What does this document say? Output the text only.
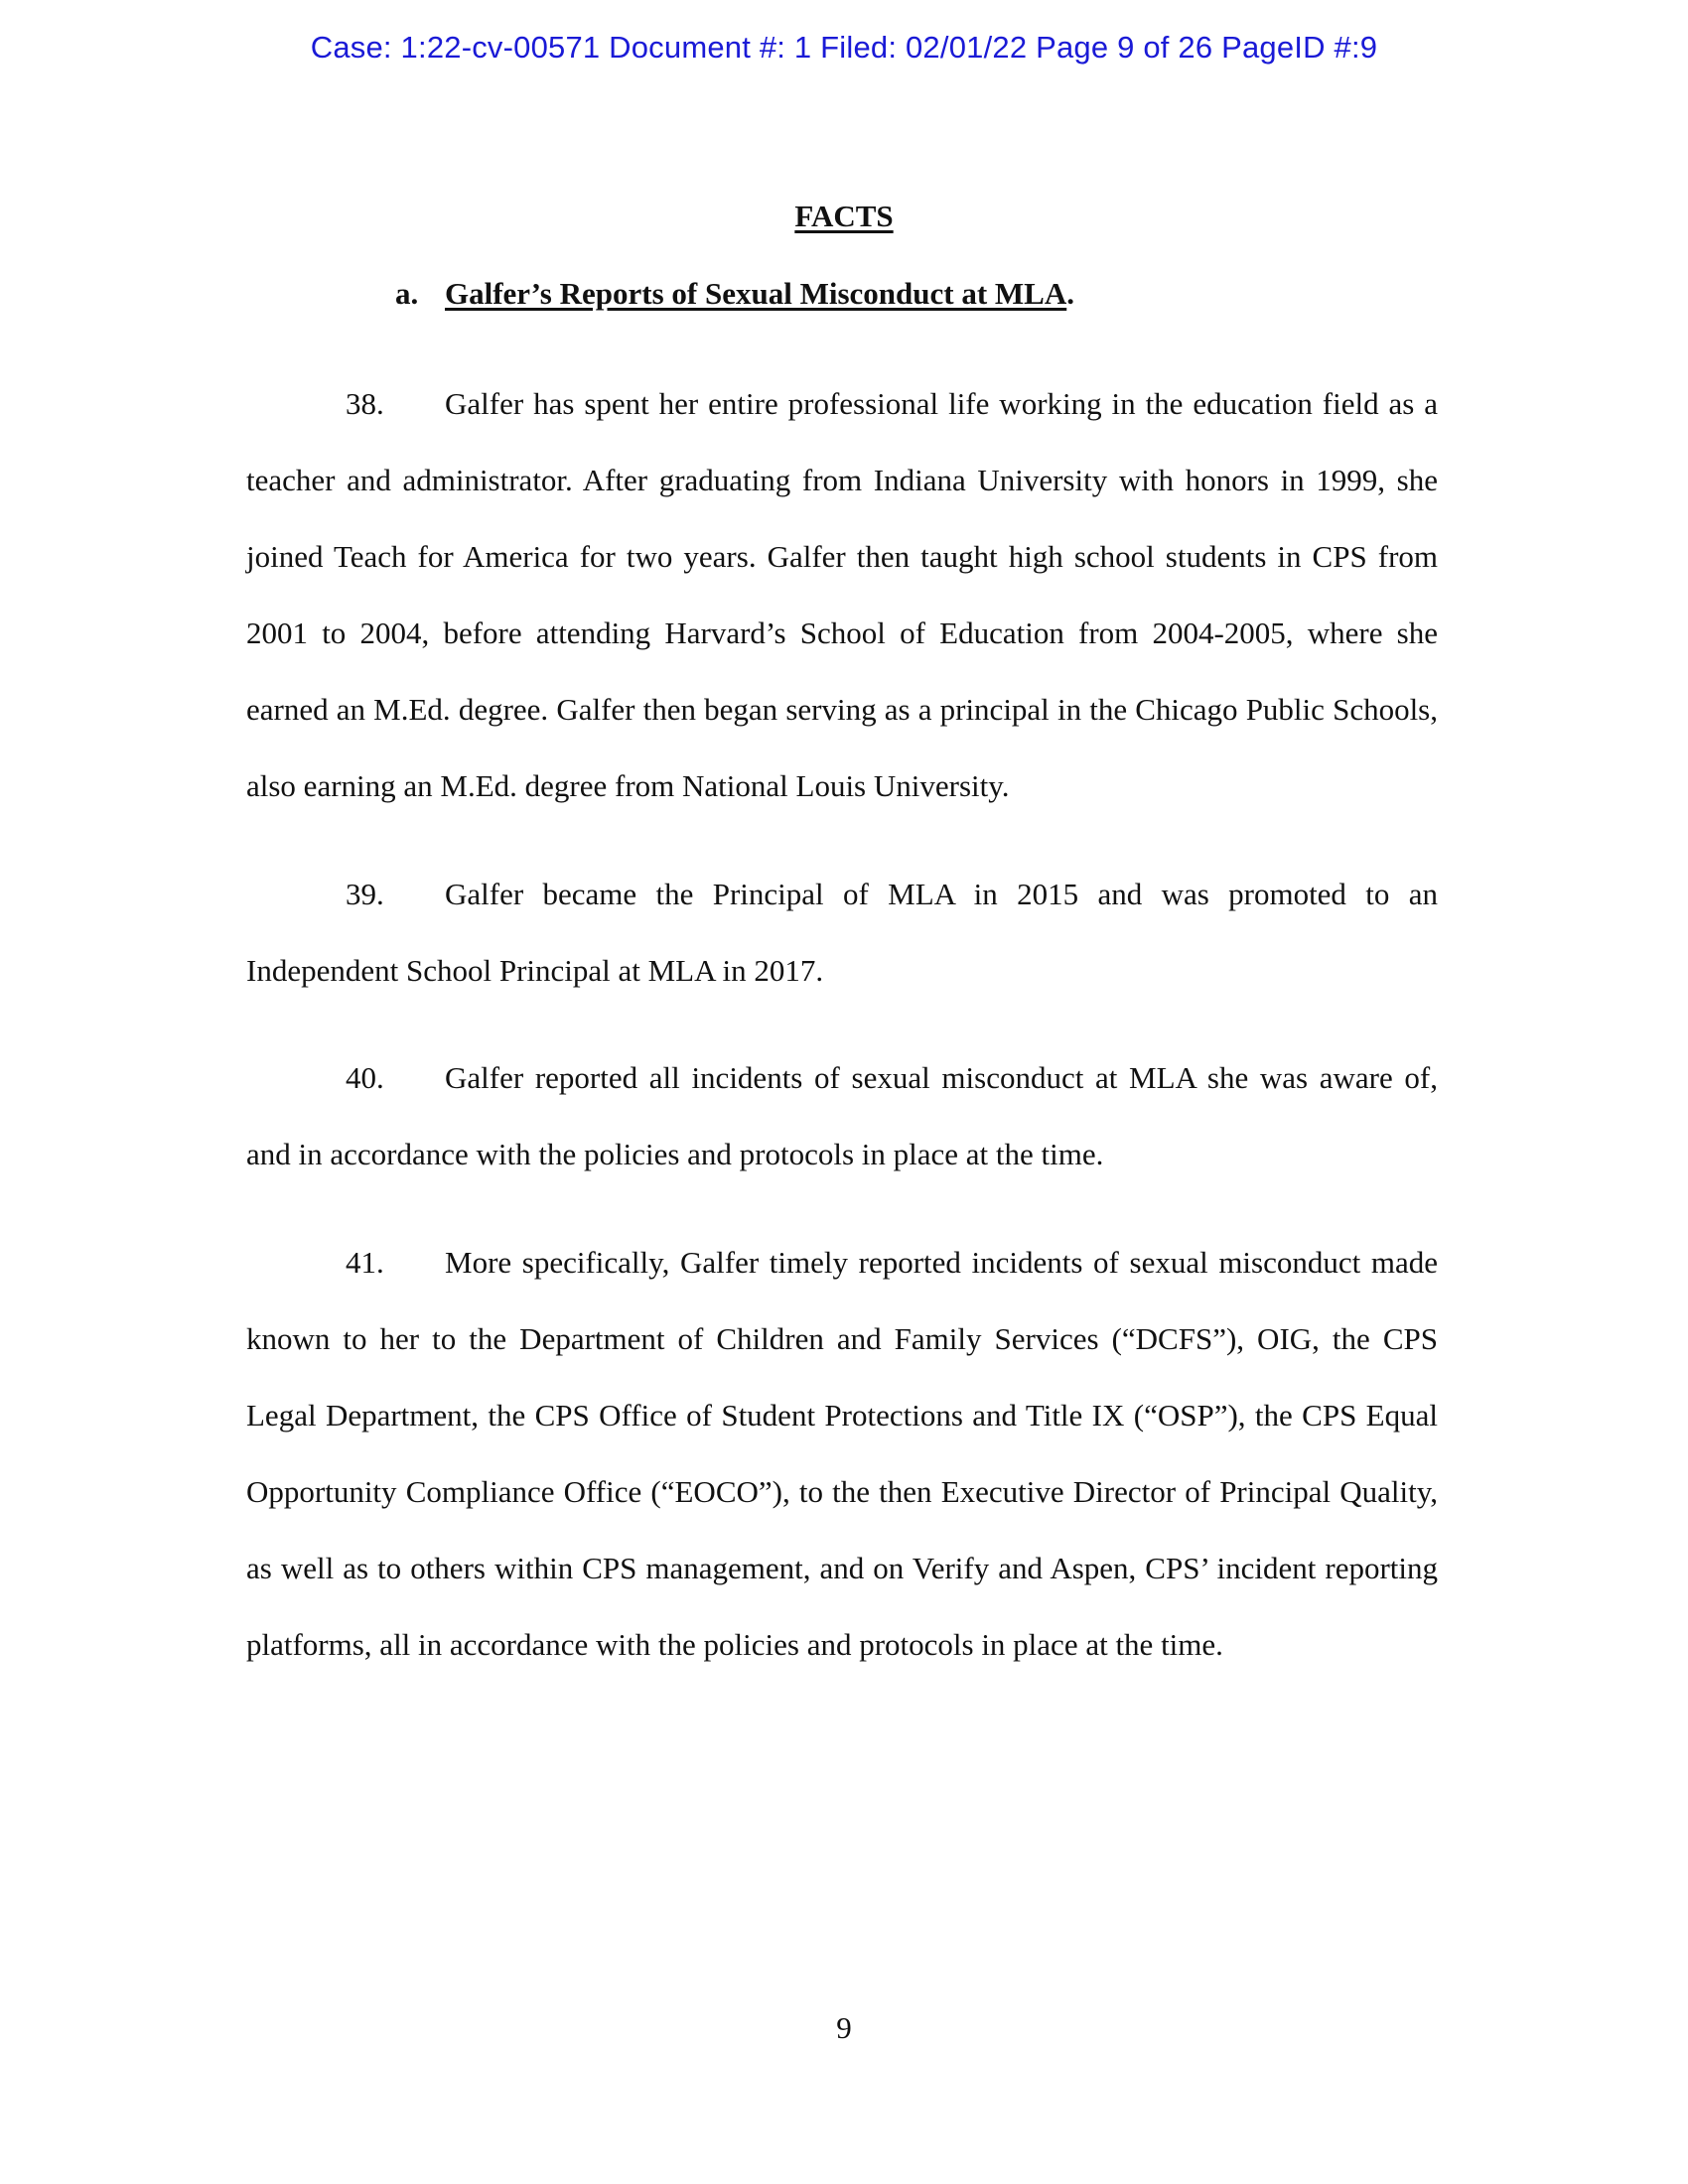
Case: 1:22-cv-00571 Document #: 1 Filed: 02/01/22 Page 9 of 26 PageID #:9
FACTS
a. Galfer’s Reports of Sexual Misconduct at MLA.

38. Galfer has spent her entire professional life working in the education field as a teacher and administrator. After graduating from Indiana University with honors in 1999, she joined Teach for America for two years. Galfer then taught high school students in CPS from 2001 to 2004, before attending Harvard’s School of Education from 2004-2005, where she earned an M.Ed. degree. Galfer then began serving as a principal in the Chicago Public Schools, also earning an M.Ed. degree from National Louis University.

39. Galfer became the Principal of MLA in 2015 and was promoted to an Independent School Principal at MLA in 2017.

40. Galfer reported all incidents of sexual misconduct at MLA she was aware of, and in accordance with the policies and protocols in place at the time.

41. More specifically, Galfer timely reported incidents of sexual misconduct made known to her to the Department of Children and Family Services (“DCFS”), OIG, the CPS Legal Department, the CPS Office of Student Protections and Title IX (“OSP”), the CPS Equal Opportunity Compliance Office (“EOCO”), to the then Executive Director of Principal Quality, as well as to others within CPS management, and on Verify and Aspen, CPS’ incident reporting platforms, all in accordance with the policies and protocols in place at the time.

9
